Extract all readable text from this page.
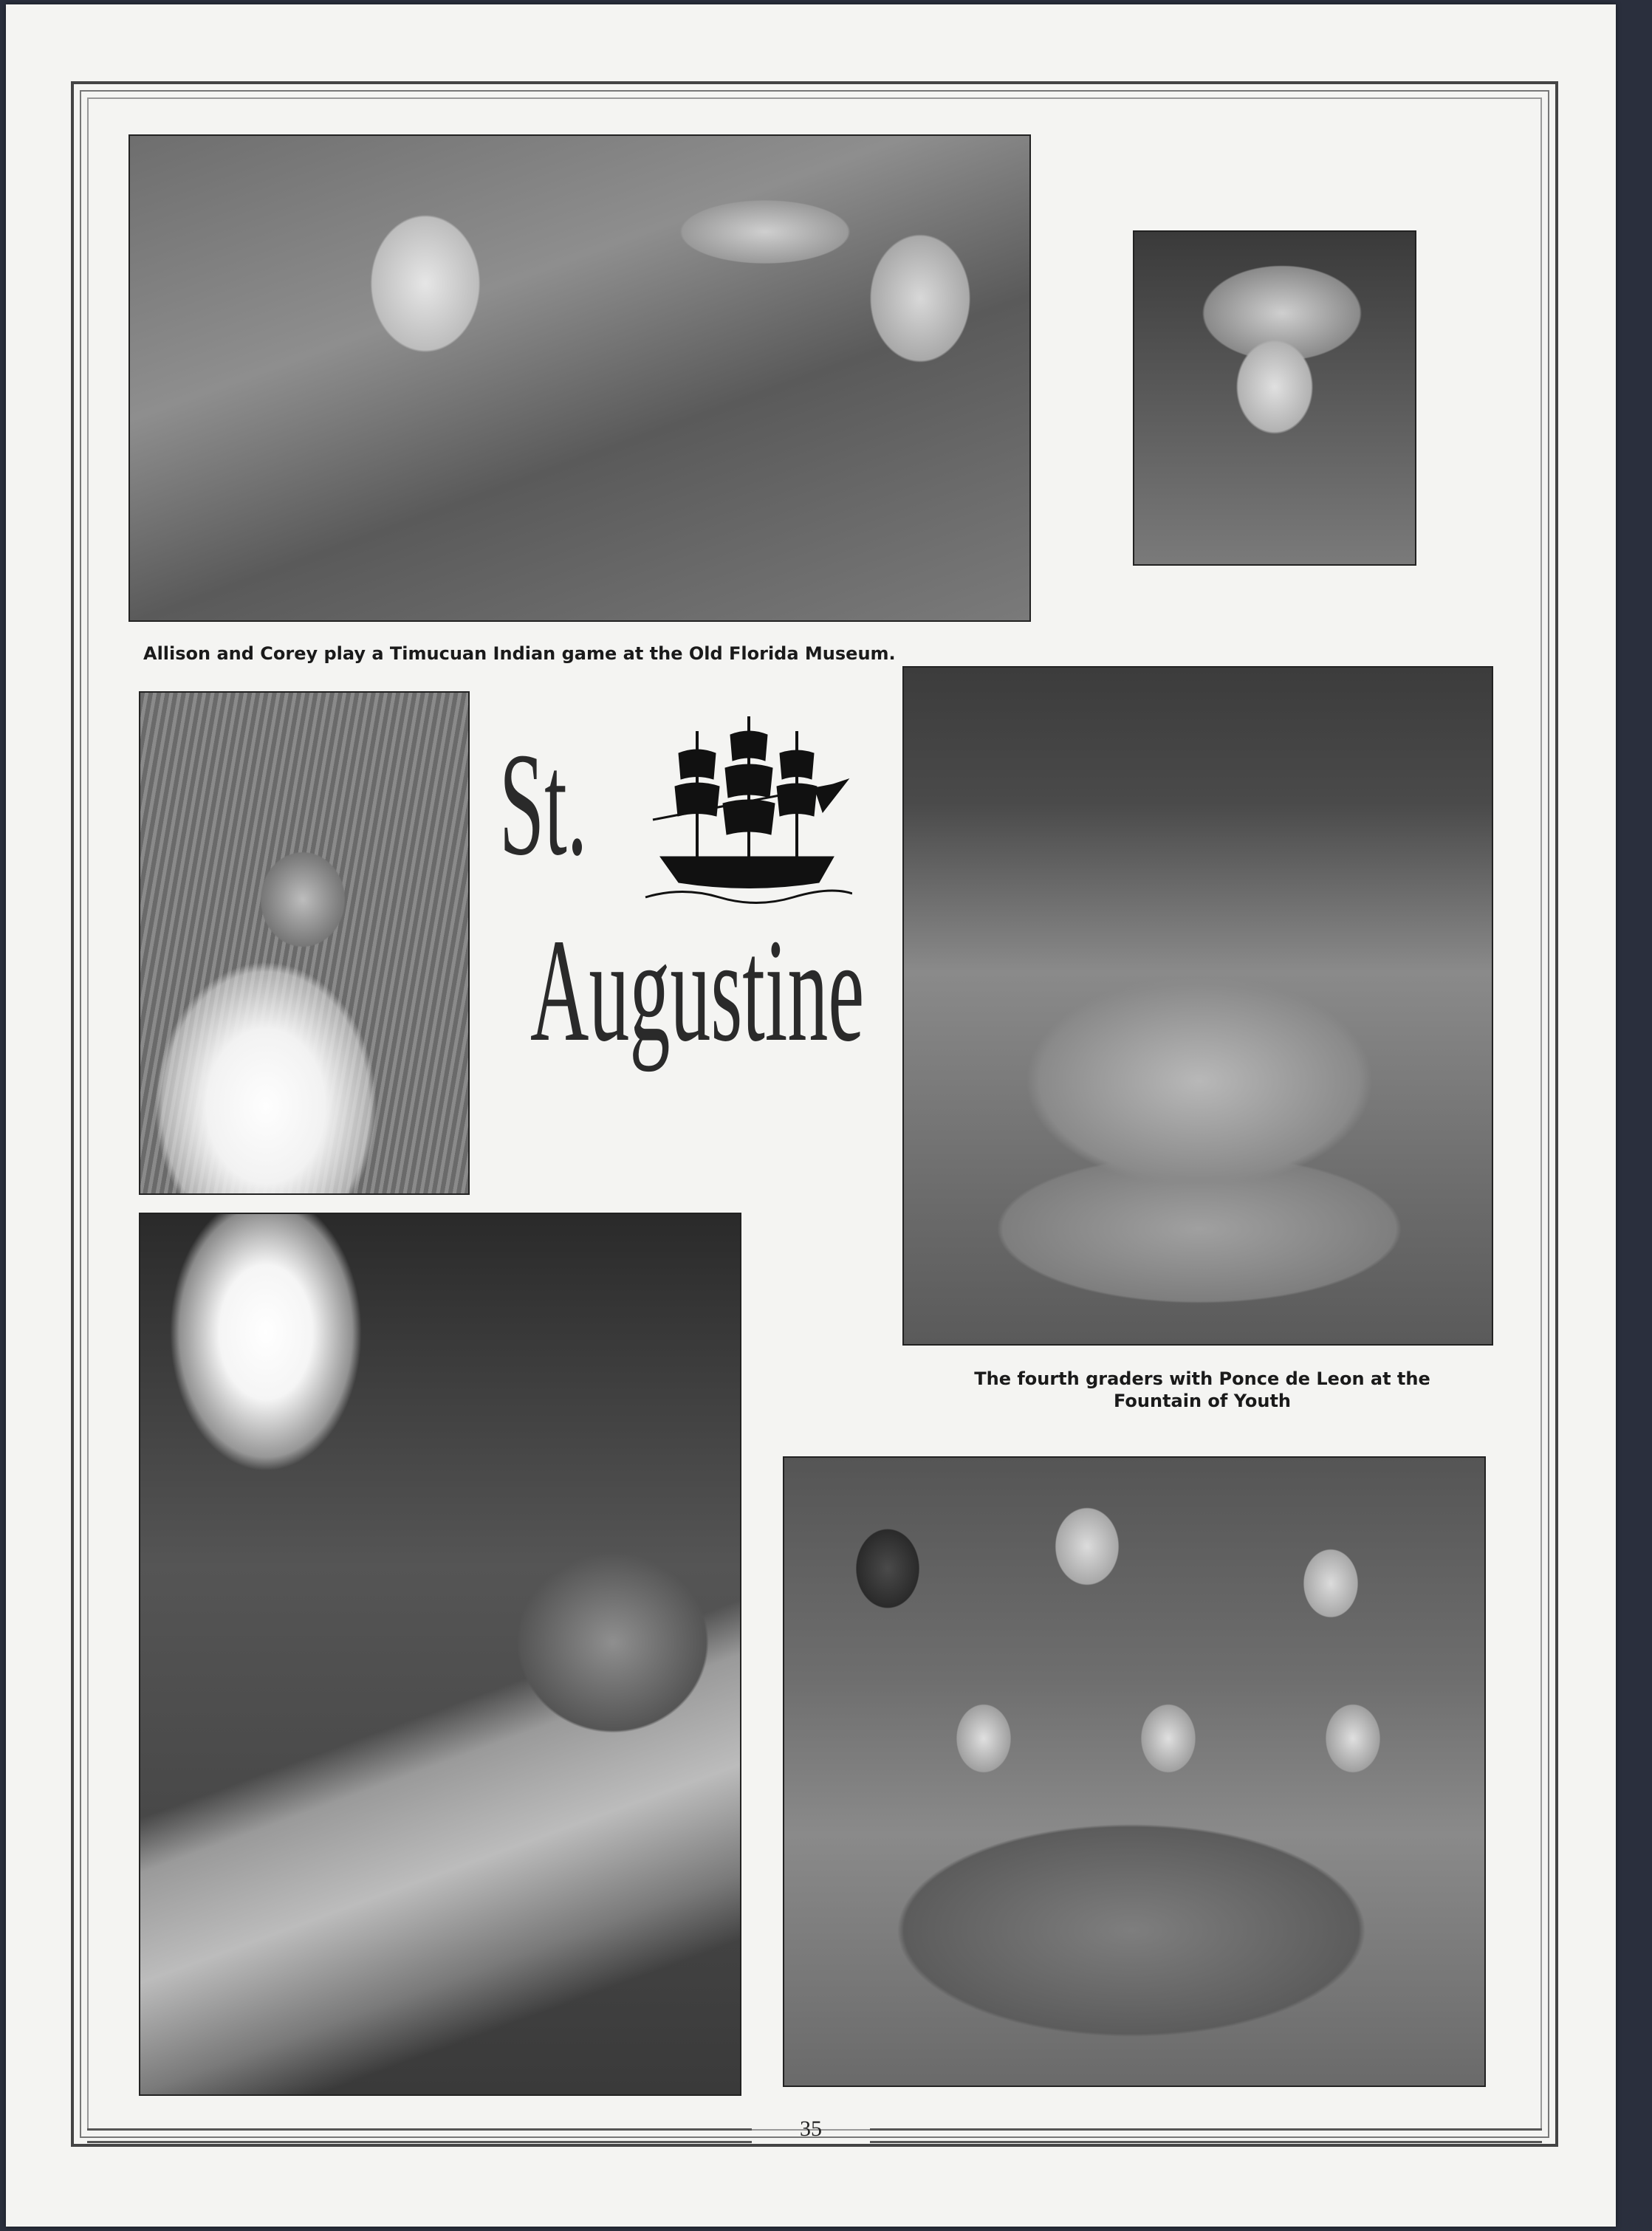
Allison and Corey play a Timucuan Indian game at the Old Florida Museum.

St.

Augustine

The fourth graders with Ponce de Leon at the
Fountain of Youth

35
